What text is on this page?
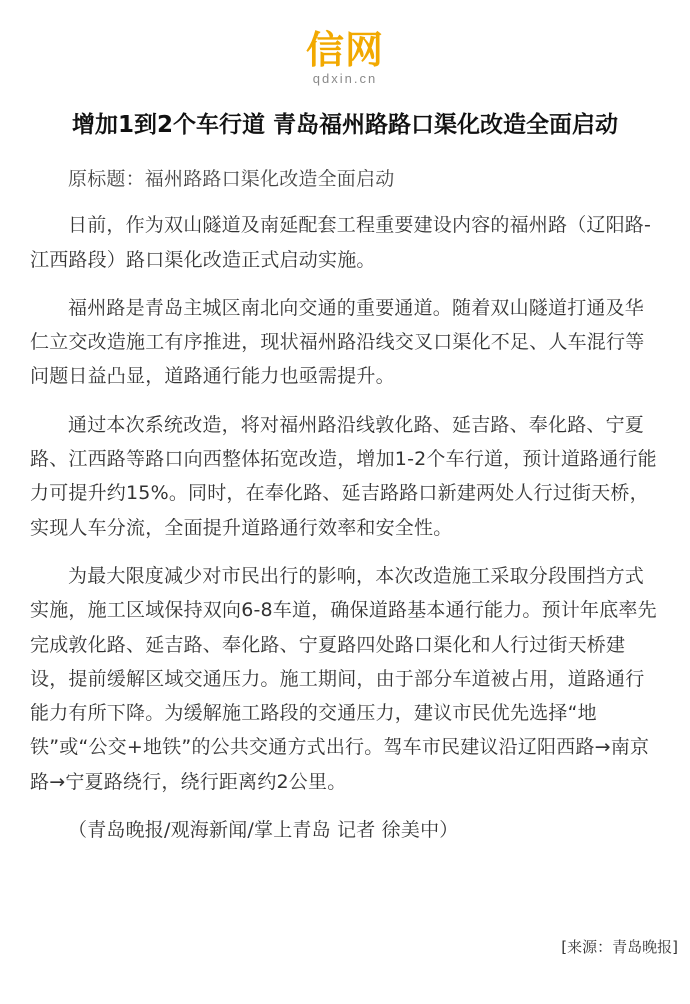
信网
qdxin.cn
增加1到2个车行道 青岛福州路路口渠化改造全面启动

原标题：福州路路口渠化改造全面启动

日前，作为双山隧道及南延配套工程重要建设内容的福州路（辽阳路-江西路段）路口渠化改造正式启动实施。

福州路是青岛主城区南北向交通的重要通道。随着双山隧道打通及华仁立交改造施工有序推进，现状福州路沿线交叉口渠化不足、人车混行等问题日益凸显，道路通行能力也亟需提升。

通过本次系统改造，将对福州路沿线敦化路、延吉路、奉化路、宁夏路、江西路等路口向西整体拓宽改造，增加1-2个车行道，预计道路通行能力可提升约15%。同时，在奉化路、延吉路路口新建两处人行过街天桥，实现人车分流，全面提升道路通行效率和安全性。

为最大限度减少对市民出行的影响，本次改造施工采取分段围挡方式实施，施工区域保持双向6-8车道，确保道路基本通行能力。预计年底率先完成敦化路、延吉路、奉化路、宁夏路四处路口渠化和人行过街天桥建设，提前缓解区域交通压力。施工期间，由于部分车道被占用，道路通行能力有所下降。为缓解施工路段的交通压力，建议市民优先选择“地铁”或“公交+地铁”的公共交通方式出行。驾车市民建议沿辽阳西路→南京路→宁夏路绕行，绕行距离约2公里。

（青岛晚报/观海新闻/掌上青岛 记者 徐美中）

[来源：青岛晚报]
